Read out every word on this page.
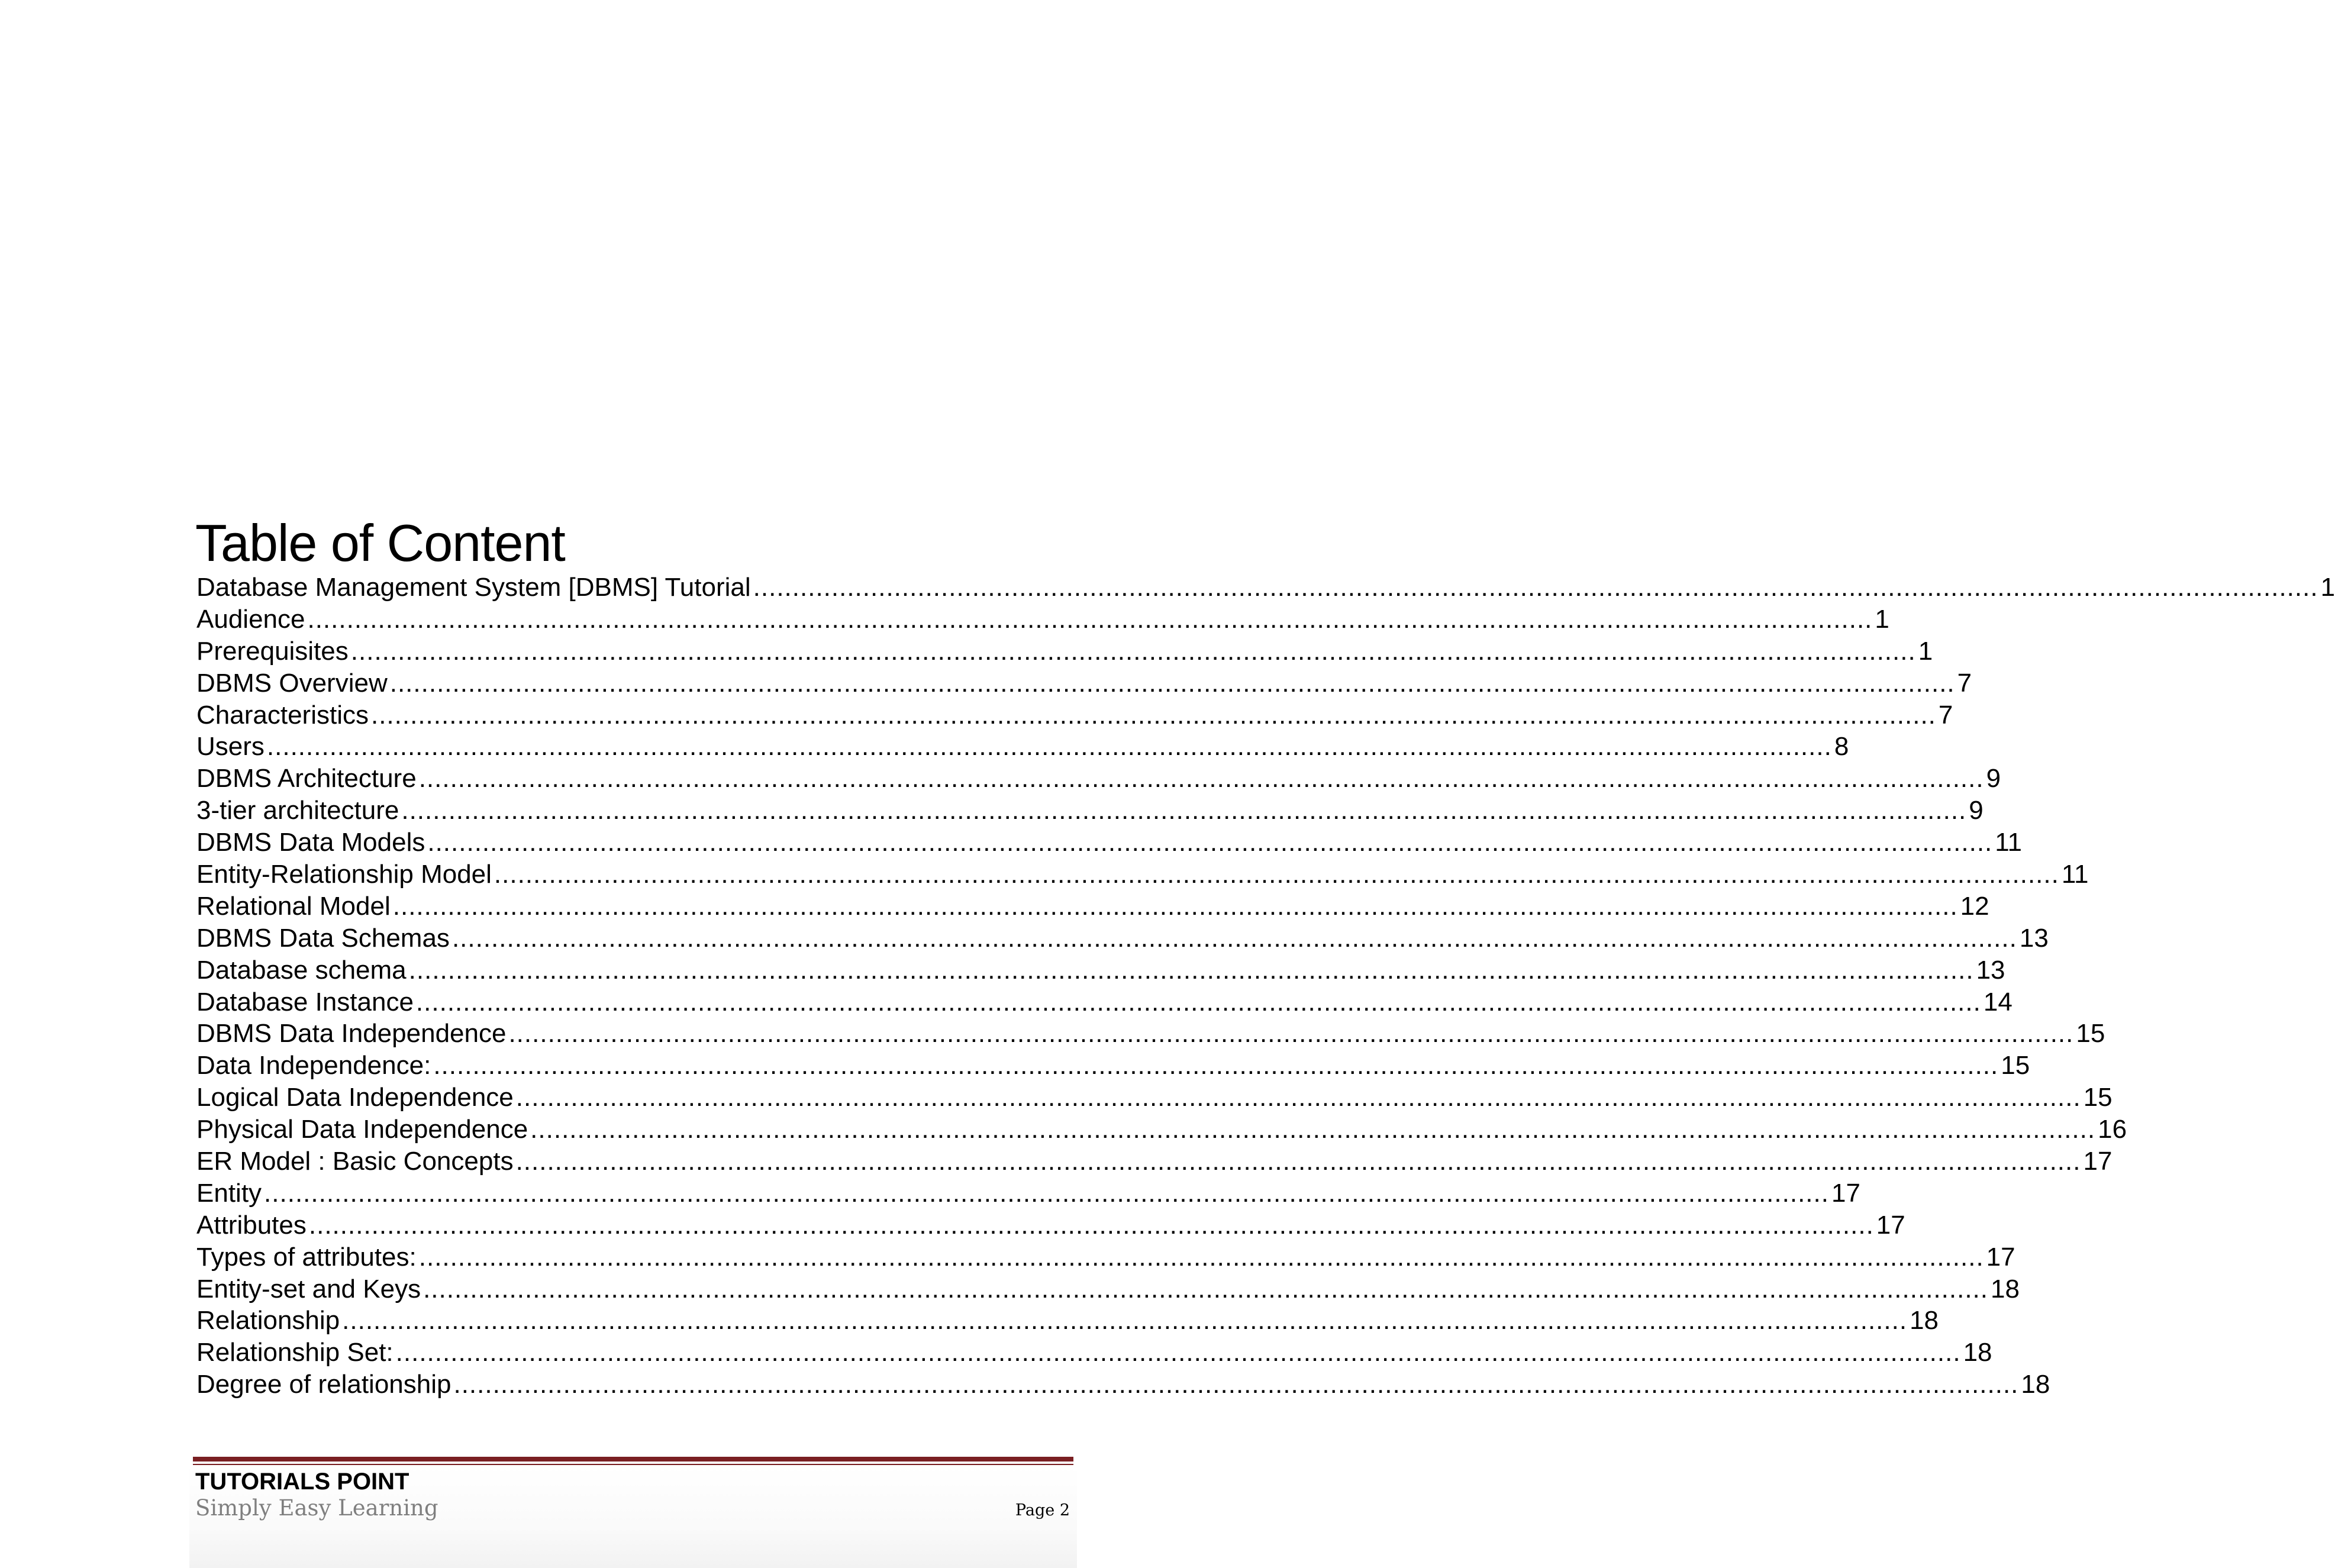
Table of Content
Database Management System [DBMS] Tutorial ........................................................................................................................................................................................................ 1
Audience ........................................................................................................................................................................................................ 1
Prerequisites ........................................................................................................................................................................................................ 1
DBMS Overview ........................................................................................................................................................................................................ 7
Characteristics ........................................................................................................................................................................................................ 7
Users ........................................................................................................................................................................................................ 8
DBMS Architecture ........................................................................................................................................................................................................ 9
3-tier architecture ........................................................................................................................................................................................................ 9
DBMS Data Models ........................................................................................................................................................................................................ 11
Entity-Relationship Model ........................................................................................................................................................................................................ 11
Relational Model ........................................................................................................................................................................................................ 12
DBMS Data Schemas ........................................................................................................................................................................................................ 13
Database schema ........................................................................................................................................................................................................ 13
Database Instance ........................................................................................................................................................................................................ 14
DBMS Data Independence ........................................................................................................................................................................................................ 15
Data Independence: ........................................................................................................................................................................................................ 15
Logical Data Independence ........................................................................................................................................................................................................ 15
Physical Data Independence ........................................................................................................................................................................................................ 16
ER Model : Basic Concepts ........................................................................................................................................................................................................ 17
Entity ........................................................................................................................................................................................................ 17
Attributes ........................................................................................................................................................................................................ 17
Types of attributes: ........................................................................................................................................................................................................ 17
Entity-set and Keys ........................................................................................................................................................................................................ 18
Relationship ........................................................................................................................................................................................................ 18
Relationship Set: ........................................................................................................................................................................................................ 18
Degree of relationship ........................................................................................................................................................................................................ 18
TUTORIALS POINT
Simply Easy Learning	Page 2
